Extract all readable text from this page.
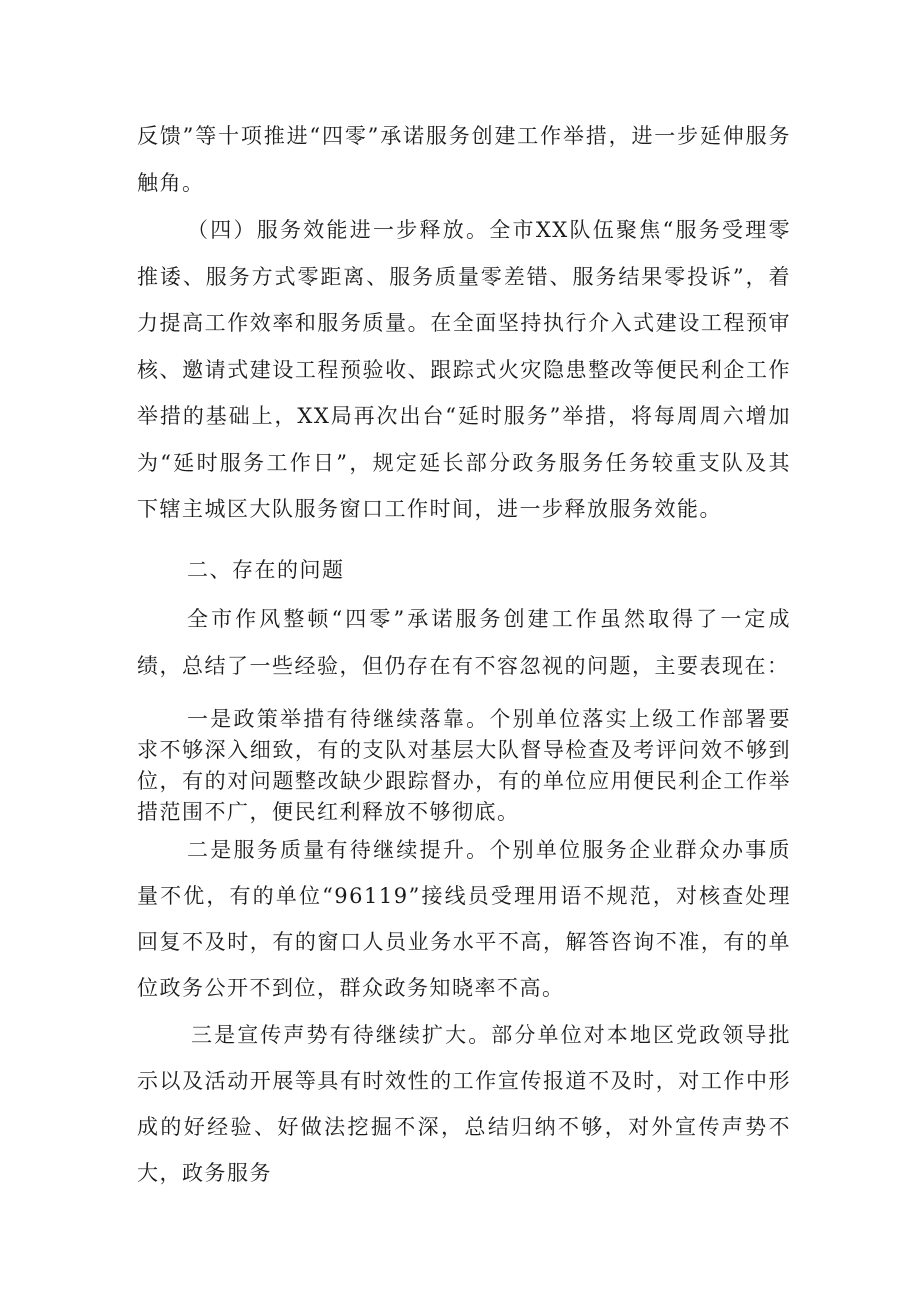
反馈”等十项推进“四零”承诺服务创建工作举措，进一步延伸服务触角。

（四）服务效能进一步释放。全市XX队伍聚焦“服务受理零推诿、服务方式零距离、服务质量零差错、服务结果零投诉”，着力提高工作效率和服务质量。在全面坚持执行介入式建设工程预审核、邀请式建设工程预验收、跟踪式火灾隐患整改等便民利企工作举措的基础上，XX局再次出台“延时服务”举措，将每周周六增加为“延时服务工作日”，规定延长部分政务服务任务较重支队及其下辖主城区大队服务窗口工作时间，进一步释放服务效能。

二、存在的问题

全市作风整顿“四零”承诺服务创建工作虽然取得了一定成绩，总结了一些经验，但仍存在有不容忽视的问题，主要表现在：

一是政策举措有待继续落靠。个别单位落实上级工作部署要求不够深入细致，有的支队对基层大队督导检查及考评问效不够到位，有的对问题整改缺少跟踪督办，有的单位应用便民利企工作举措范围不广，便民红利释放不够彻底。

二是服务质量有待继续提升。个别单位服务企业群众办事质量不优，有的单位“96119”接线员受理用语不规范，对核查处理回复不及时，有的窗口人员业务水平不高，解答咨询不准，有的单位政务公开不到位，群众政务知晓率不高。

三是宣传声势有待继续扩大。部分单位对本地区党政领导批示以及活动开展等具有时效性的工作宣传报道不及时，对工作中形成的好经验、好做法挖掘不深，总结归纳不够，对外宣传声势不大，政务服务
